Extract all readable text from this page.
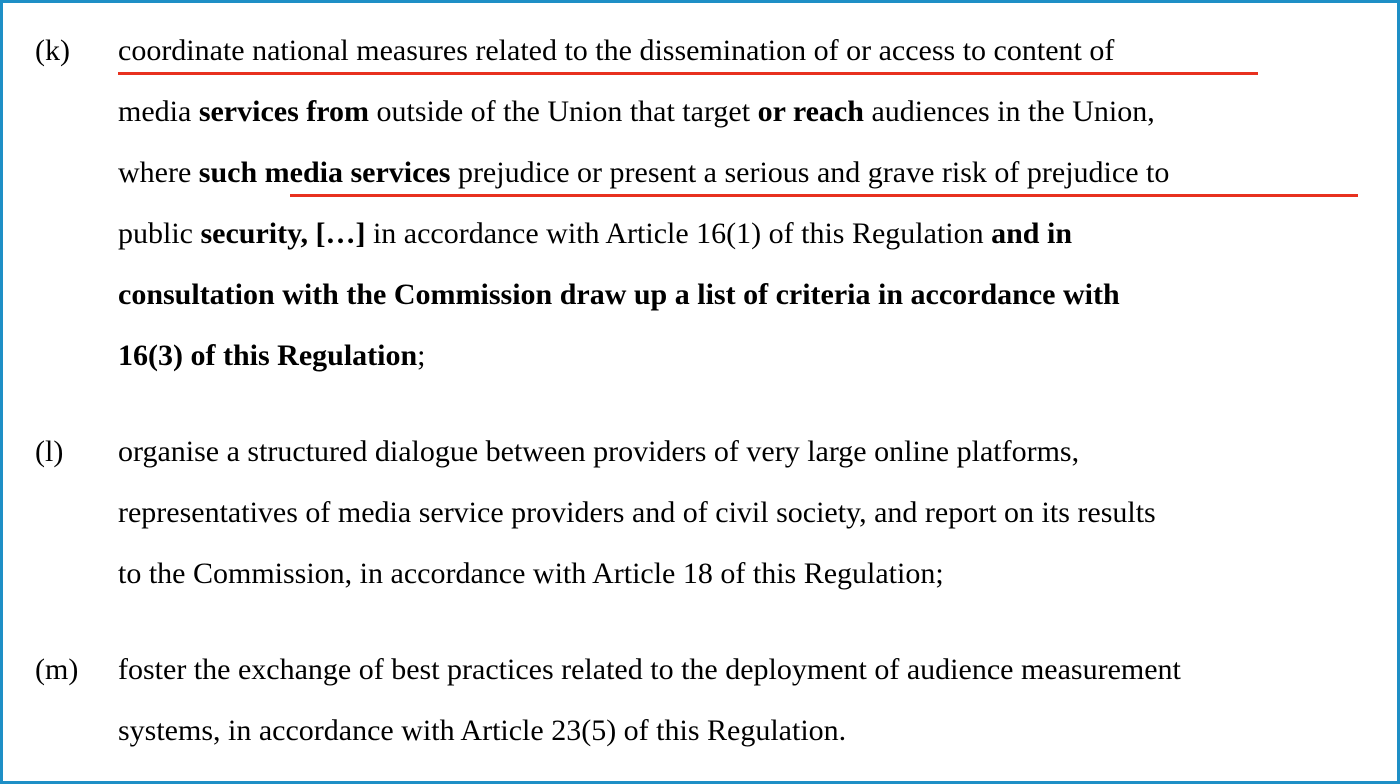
(k) coordinate national measures related to the dissemination of or access to content of
media services from outside of the Union that target or reach audiences in the Union,
where such media services prejudice or present a serious and grave risk of prejudice to
public security, […] in accordance with Article 16(1) of this Regulation and in
consultation with the Commission draw up a list of criteria in accordance with
16(3) of this Regulation;
(l) organise a structured dialogue between providers of very large online platforms,
representatives of media service providers and of civil society, and report on its results
to the Commission, in accordance with Article 18 of this Regulation;
(m) foster the exchange of best practices related to the deployment of audience measurement
systems, in accordance with Article 23(5) of this Regulation.
